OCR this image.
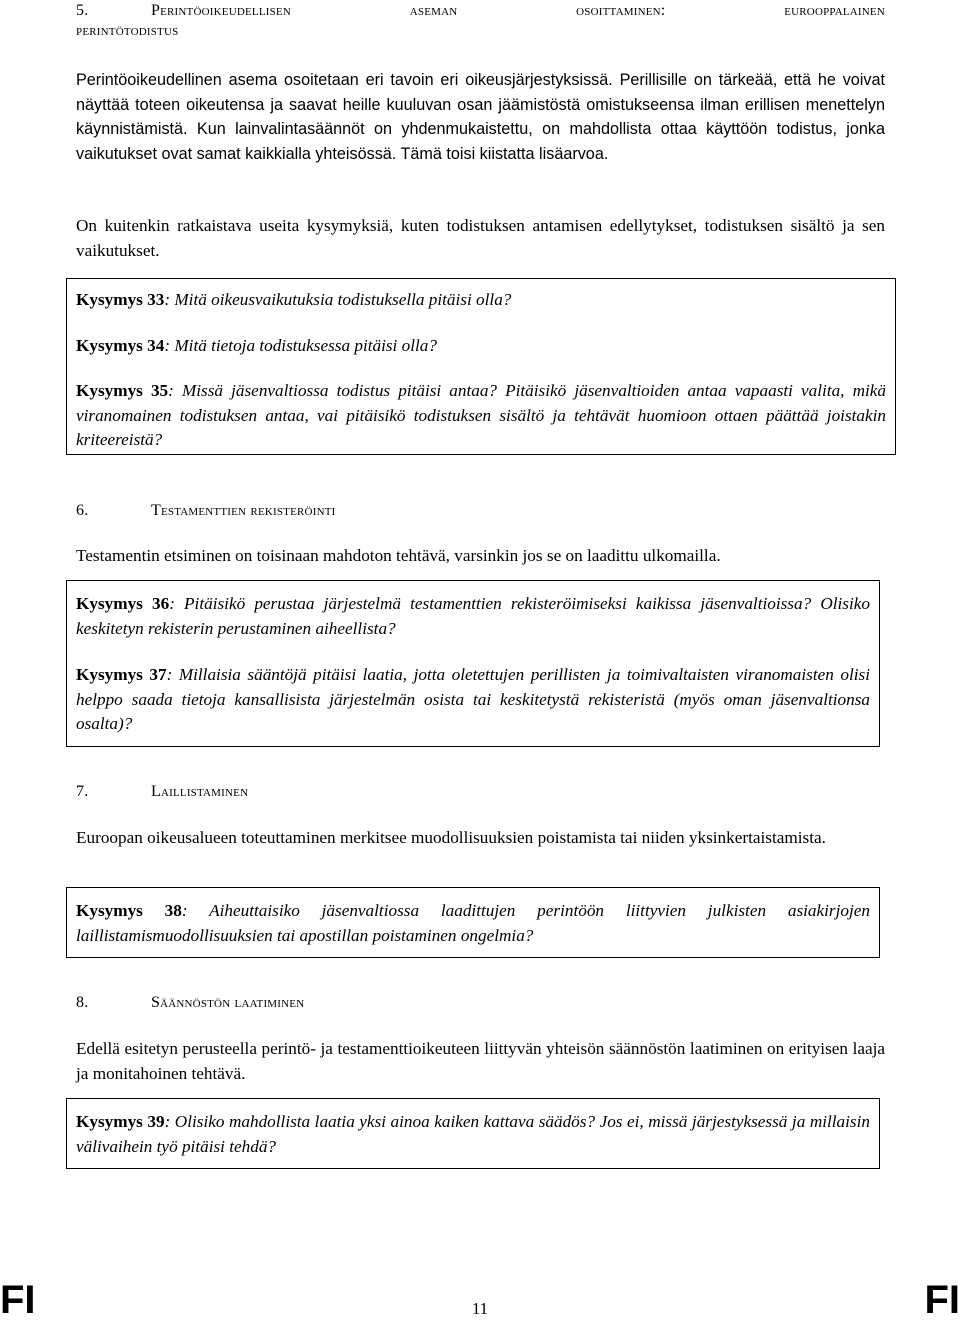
5.	Perintöoikeudellisen aseman osoittaminen: eurooppalainen
perintötodistus

Perintöoikeudellinen asema osoitetaan eri tavoin eri oikeusjärjestyksissä. Perillisille on tärkeää, että he voivat näyttää toteen oikeutensa ja saavat heille kuuluvan osan jäämistöstä omistukseensa ilman erillisen menettelyn käynnistämistä. Kun lainvalintasäännöt on yhdenmukaistettu, on mahdollista ottaa käyttöön todistus, jonka vaikutukset ovat samat kaikkialla yhteisössä. Tämä toisi kiistatta lisäarvoa.

On kuitenkin ratkaistava useita kysymyksiä, kuten todistuksen antamisen edellytykset, todistuksen sisältö ja sen vaikutukset.

Kysymys 33: Mitä oikeusvaikutuksia todistuksella pitäisi olla?

Kysymys 34: Mitä tietoja todistuksessa pitäisi olla?

Kysymys 35: Missä jäsenvaltiossa todistus pitäisi antaa? Pitäisikö jäsenvaltioiden antaa vapaasti valita, mikä viranomainen todistuksen antaa, vai pitäisikö todistuksen sisältö ja tehtävät huomioon ottaen päättää joistakin kriteereistä?

6.	Testamenttien rekisteröinti

Testamentin etsiminen on toisinaan mahdoton tehtävä, varsinkin jos se on laadittu ulkomailla.

Kysymys 36: Pitäisikö perustaa järjestelmä testamenttien rekisteröimiseksi kaikissa jäsenvaltioissa? Olisiko keskitetyn rekisterin perustaminen aiheellista?

Kysymys 37: Millaisia sääntöjä pitäisi laatia, jotta oletettujen perillisten ja toimivaltaisten viranomaisten olisi helppo saada tietoja kansallisista järjestelmän osista tai keskitetystä rekisteristä (myös oman jäsenvaltionsa osalta)?

7.	Laillistaminen

Euroopan oikeusalueen toteuttaminen merkitsee muodollisuuksien poistamista tai niiden yksinkertaistamista.

Kysymys 38: Aiheuttaisiko jäsenvaltiossa laadittujen perintöön liittyvien julkisten asiakirjojen laillistamismuodollisuuksien tai apostillan poistaminen ongelmia?

8.	Säännöstön laatiminen

Edellä esitetyn perusteella perintö- ja testamenttioikeuteen liittyvän yhteisön säännöstön laatiminen on erityisen laaja ja monitahoinen tehtävä.

Kysymys 39: Olisiko mahdollista laatia yksi ainoa kaiken kattava säädös? Jos ei, missä järjestyksessä ja millaisin välivaihein työ pitäisi tehdä?

FI	11	FI
